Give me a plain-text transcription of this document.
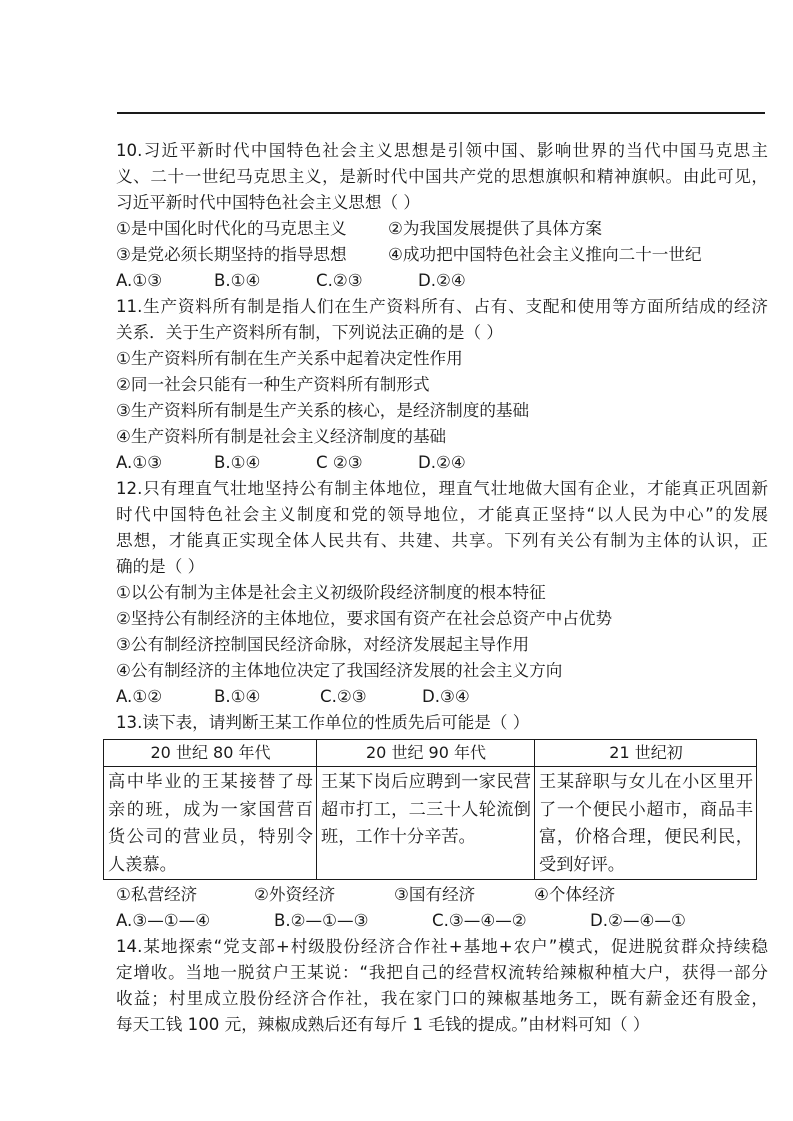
10.习近平新时代中国特色社会主义思想是引领中国、影响世界的当代中国马克思主
义、二十一世纪马克思主义，是新时代中国共产党的思想旗帜和精神旗帜。由此可见，
习近平新时代中国特色社会主义思想（ ）
①是中国化时代化的马克思主义 ②为我国发展提供了具体方案
③是党必须长期坚持的指导思想 ④成功把中国特色社会主义推向二十一世纪
A.①③	B.①④	C.②③	D.②④
11.生产资料所有制是指人们在生产资料所有、占有、支配和使用等方面所结成的经济
关系．关于生产资料所有制，下列说法正确的是（ ）
①生产资料所有制在生产关系中起着决定性作用
②同一社会只能有一种生产资料所有制形式
③生产资料所有制是生产关系的核心，是经济制度的基础
④生产资料所有制是社会主义经济制度的基础
A.①③	B.①④	C ②③	D.②④
12.只有理直气壮地坚持公有制主体地位，理直气壮地做大国有企业，才能真正巩固新
时代中国特色社会主义制度和党的领导地位，才能真正坚持“以人民为中心”的发展
思想，才能真正实现全体人民共有、共建、共享。下列有关公有制为主体的认识，正
确的是（ ）
①以公有制为主体是社会主义初级阶段经济制度的根本特征
②坚持公有制经济的主体地位，要求国有资产在社会总资产中占优势
③公有制经济控制国民经济命脉，对经济发展起主导作用
④公有制经济的主体地位决定了我国经济发展的社会主义方向
A.①②	B.①④	C.②③	D.③④
13.读下表，请判断王某工作单位的性质先后可能是（ ）
20 世纪 80 年代	20 世纪 90 年代	21 世纪初
高中毕业的王某接替了母亲的班，成为一家国营百货公司的营业员，特别令人羡慕。	王某下岗后应聘到一家民营超市打工，二三十人轮流倒班，工作十分辛苦。	王某辞职与女儿在小区里开了一个便民小超市，商品丰富，价格合理，便民利民，受到好评。
①私营经济	②外资经济	③国有经济	④个体经济
A.③—①—④	B.②—①—③	C.③—④—②	D.②—④—①
14.某地探索“党支部+村级股份经济合作社+基地+农户”模式，促进脱贫群众持续稳
定增收。当地一脱贫户王某说：“我把自己的经营权流转给辣椒种植大户，获得一部分
收益；村里成立股份经济合作社，我在家门口的辣椒基地务工，既有薪金还有股金，
每天工钱 100 元，辣椒成熟后还有每斤 1 毛钱的提成。”由材料可知（ ）
